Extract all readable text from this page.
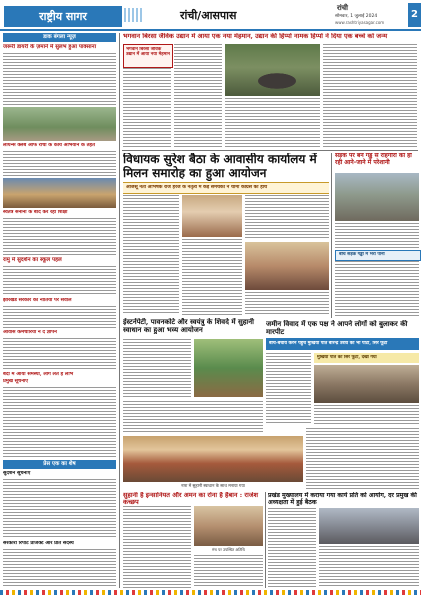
राष्ट्रीय सागर	रांची/आसपास
रांची
सोमवार, 1 जुलाई 2024
www.rashtriyasagar.com
2
डाक बंगला न्यूज़
जरूरी डायरी के ज़माने में सुलभ हुआ पाक्साना
लायन्स क्लब ऑफ रांची के कार्य अभियान के तहत
स्वतंत्र सेनानी के बाद कर रहा शिक्षा
रामु में सुदर्शन का स्कूल पहल
झारखंड सरकार की नीतियों पर सवाल
आवास कर्मचारियों ने दे ज्ञापन
बेदी में आयी समस्या, लोग लेते हैं लाभ
प्रमुख सूचनाएं
प्रेस एक का शेष
सुदर्शन सूचनाएँ
सरकारी रिपोर्ट प्रोजेक्ट और प्रति सदस्य
भगवान बिरसा जैविक उद्यान में आया एक नया मेहमान, उद्यान की हिप्पो नामक हिप्पो ने दिया एक बच्चे को जन्म
भगवान बिरसा जैविक उद्यान में आया नया मेहमान
विधायक सुरेश बैठा के आवासीय कार्यालय में मिलन समारोह का हुआ आयोजन
आजसू नेता अभिषेक राज हेरेज के नेतृत्व में कई समर्थकों ने थामा कांग्रेस का हाथ
सड़क पर बने गड्ढे से राहगीरों को हो रही आने-जाने में परेशानी
बीच सड़क गड्ढों में भरा पानी
ईस्टर्नपेटी, पावनकोटे और स्वयंत्रु के शिवदे में सुहानी स्वाधान का हुआ भव्य आयोजन
जमीन विवाद में एक पक्ष ने आपने लोगों को बुलाकर की मारपीट
बीच-बचाव करने पहुंचे मुखिया पति बीरेन्द्र उरांव को भी पीटा, सिर फूटा
मुखिया पति का सिर फूटा, देखा गया
नारा में सुहानी स्वाधान के साथ मनाया गया
सुहानी है इन्सानियत और अमन का रोना है हैबान : राजेश कच्छप
मंच पर उपस्थित अतिथि
प्रखंड मुख्यालय में कराया गया कार्य प्रति को आयोग, दर प्रमुख की अध्यक्षता में हुई बैठक
